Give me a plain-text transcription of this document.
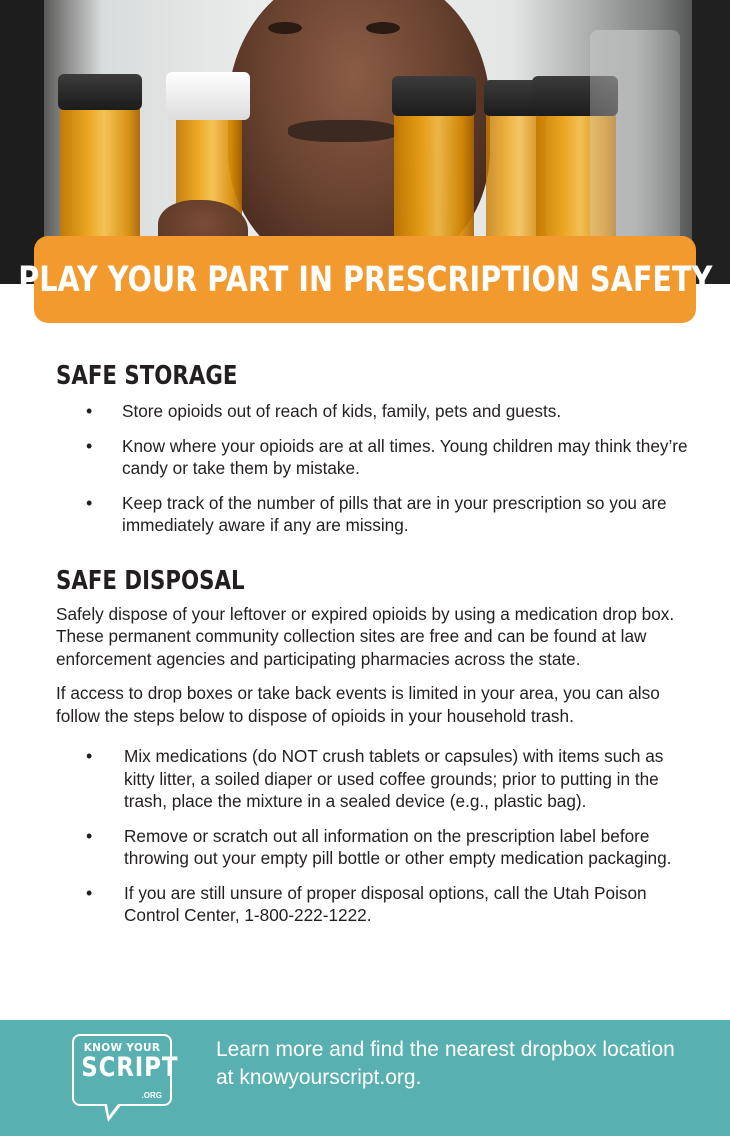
PLAY YOUR PART IN PRESCRIPTION SAFETY
SAFE STORAGE
• Store opioids out of reach of kids, family, pets and guests.
• Know where your opioids are at all times. Young children may think they’re candy or take them by mistake.
• Keep track of the number of pills that are in your prescription so you are immediately aware if any are missing.
SAFE DISPOSAL

Safely dispose of your leftover or expired opioids by using a medication drop box. These permanent community collection sites are free and can be found at law enforcement agencies and participating pharmacies across the state.

If access to drop boxes or take back events is limited in your area, you can also follow the steps below to dispose of opioids in your household trash.

• Mix medications (do NOT crush tablets or capsules) with items such as kitty litter, a soiled diaper or used coffee grounds; prior to putting in the trash, place the mixture in a sealed device (e.g., plastic bag).
• Remove or scratch out all information on the prescription label before throwing out your empty pill bottle or other empty medication packaging.
• If you are still unsure of proper disposal options, call the Utah Poison Control Center, 1-800-222-1222.
KNOW YOUR
SCRIPT
.ORG
Learn more and find the nearest dropbox location at knowyourscript.org.
